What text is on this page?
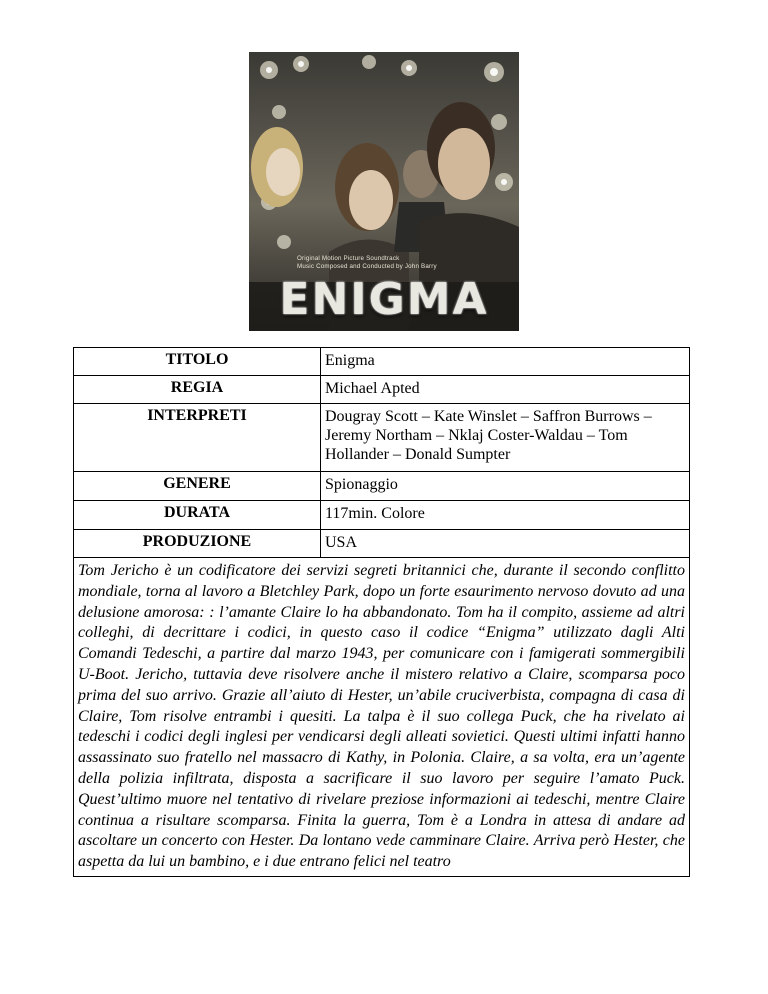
Original Motion Picture Soundtrack
Music Composed and Conducted by John Barry
ENIGMA
TITOLO	Enigma
REGIA	Michael Apted
INTERPRETI	Dougray Scott – Kate Winslet – Saffron Burrows – Jeremy Northam – Nklaj Coster-Waldau – Tom Hollander – Donald Sumpter
GENERE	Spionaggio
DURATA	117min. Colore
PRODUZIONE	USA
Tom Jericho è un codificatore dei servizi segreti britannici che, durante il secondo conflitto mondiale, torna al lavoro a Bletchley Park, dopo un forte esaurimento nervoso dovuto ad una delusione amorosa: : l’amante Claire lo ha abbandonato. Tom ha il compito, assieme ad altri colleghi, di decrittare i codici, in questo caso il codice “Enigma” utilizzato dagli Alti Comandi Tedeschi, a partire dal marzo 1943, per comunicare con i famigerati sommergibili U-Boot. Jericho, tuttavia deve risolvere anche il mistero relativo a Claire, scomparsa poco prima del suo arrivo. Grazie all’aiuto di Hester, un’abile cruciverbista, compagna di casa di Claire, Tom risolve entrambi i quesiti. La talpa è il suo collega Puck, che ha rivelato ai tedeschi i codici degli inglesi per vendicarsi degli alleati sovietici. Questi ultimi infatti hanno assassinato suo fratello nel massacro di Kathy, in Polonia. Claire, a sa volta, era un’agente della polizia infiltrata, disposta a sacrificare il suo lavoro per seguire l’amato Puck. Quest’ultimo muore nel tentativo di rivelare preziose informazioni ai tedeschi, mentre Claire continua a risultare scomparsa. Finita la guerra, Tom è a Londra in attesa di andare ad ascoltare un concerto con Hester. Da lontano vede camminare Claire. Arriva però Hester, che aspetta da lui un bambino, e i due entrano felici nel teatro	
